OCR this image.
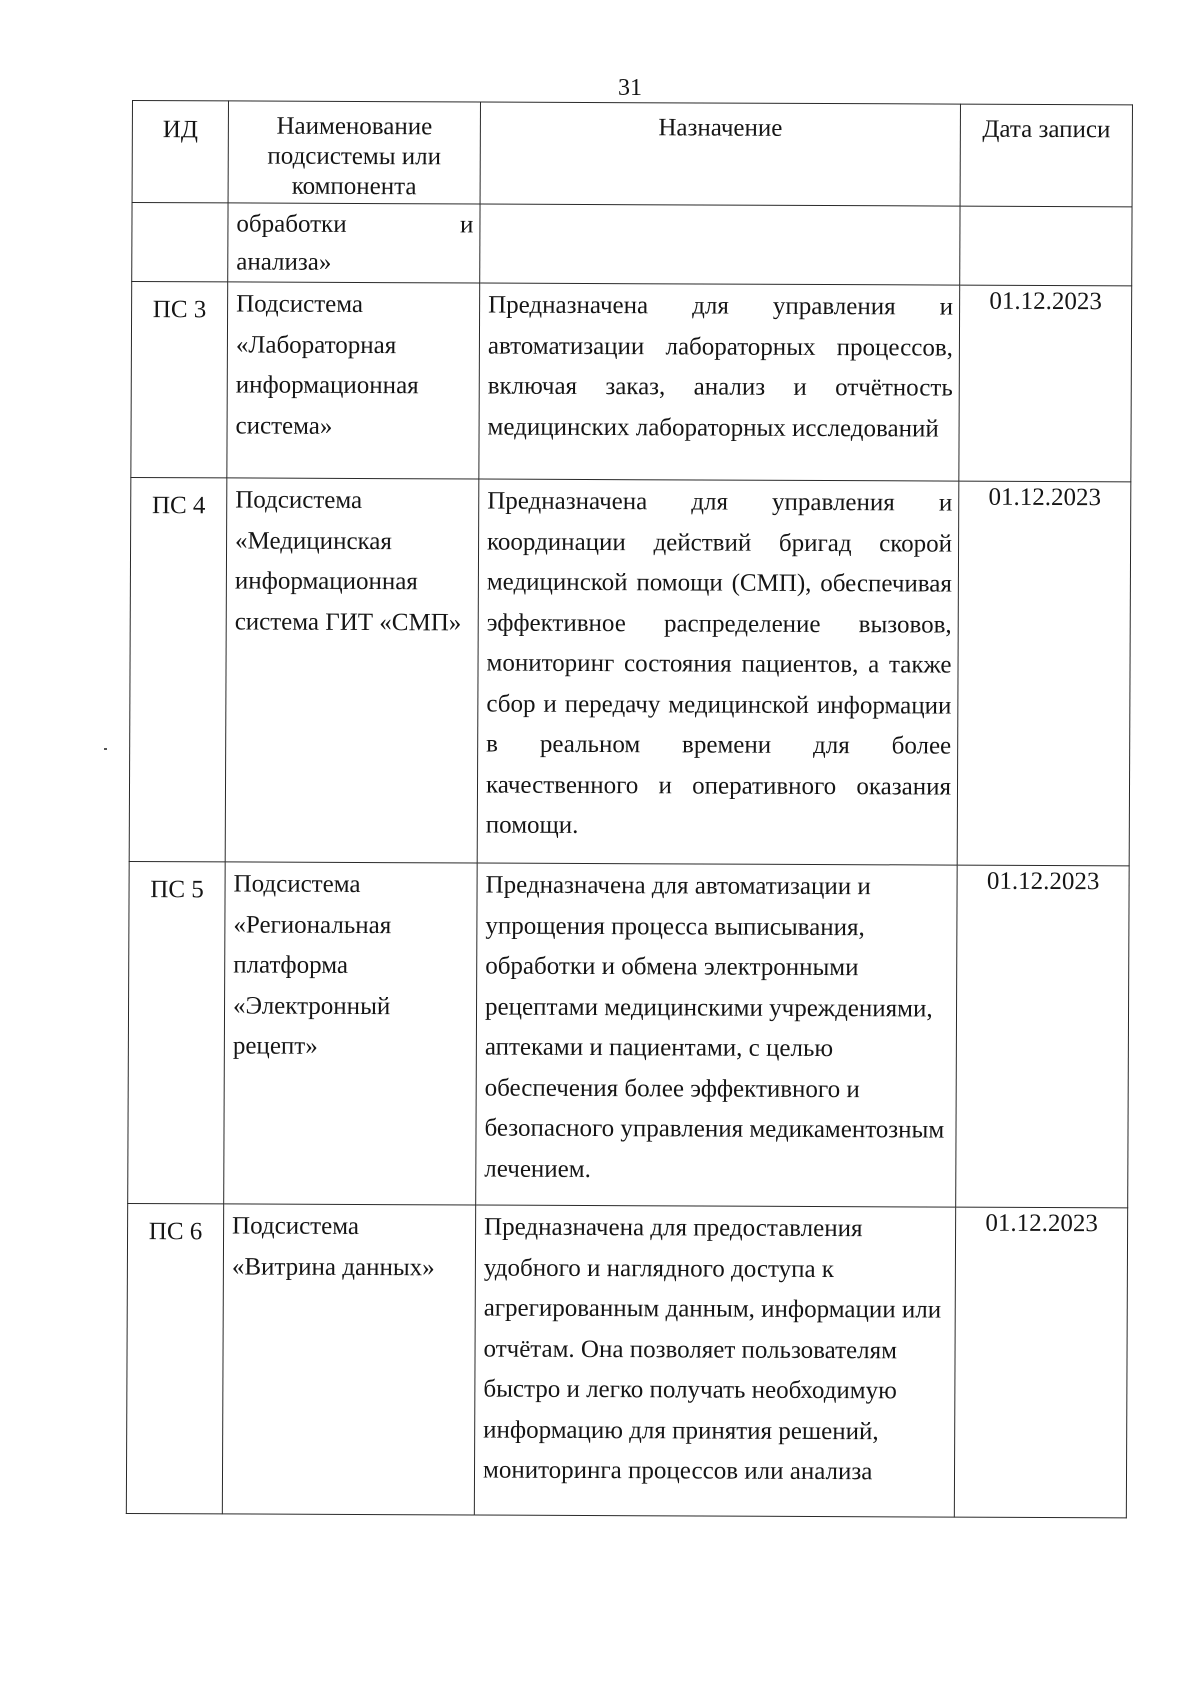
31
ИД	Наименование подсистемы или компонента	Назначение	Дата записи

	обработки и
анализа»		

ПС 3	Подсистема «Лабораторная информационная система»	Предназначена для управления и автоматизации лабораторных процессов, включая заказ, анализ и отчётность медицинских лабораторных исследований	01.12.2023
ПС 4	Подсистема «Медицинская информационная система ГИТ «СМП»	Предназначена для управления и координации действий бригад скорой медицинской помощи (СМП), обеспечивая эффективное распределение вызовов, мониторинг состояния пациентов, а также сбор и передачу медицинской информации в реальном времени для более качественного и оперативного оказания помощи.	01.12.2023
ПС 5	Подсистема «Региональная платформа «Электронный рецепт»	Предназначена для автоматизации и упрощения процесса выписывания, обработки и обмена электронными рецептами медицинскими учреждениями, аптеками и пациентами, с целью обеспечения более эффективного и безопасного управления медикаментозным лечением.	01.12.2023
ПС 6	Подсистема «Витрина данных»	Предназначена для предоставления удобного и наглядного доступа к агрегированным данным, информации или отчётам. Она позволяет пользователям быстро и легко получать необходимую информацию для принятия решений, мониторинга процессов или анализа	01.12.2023
